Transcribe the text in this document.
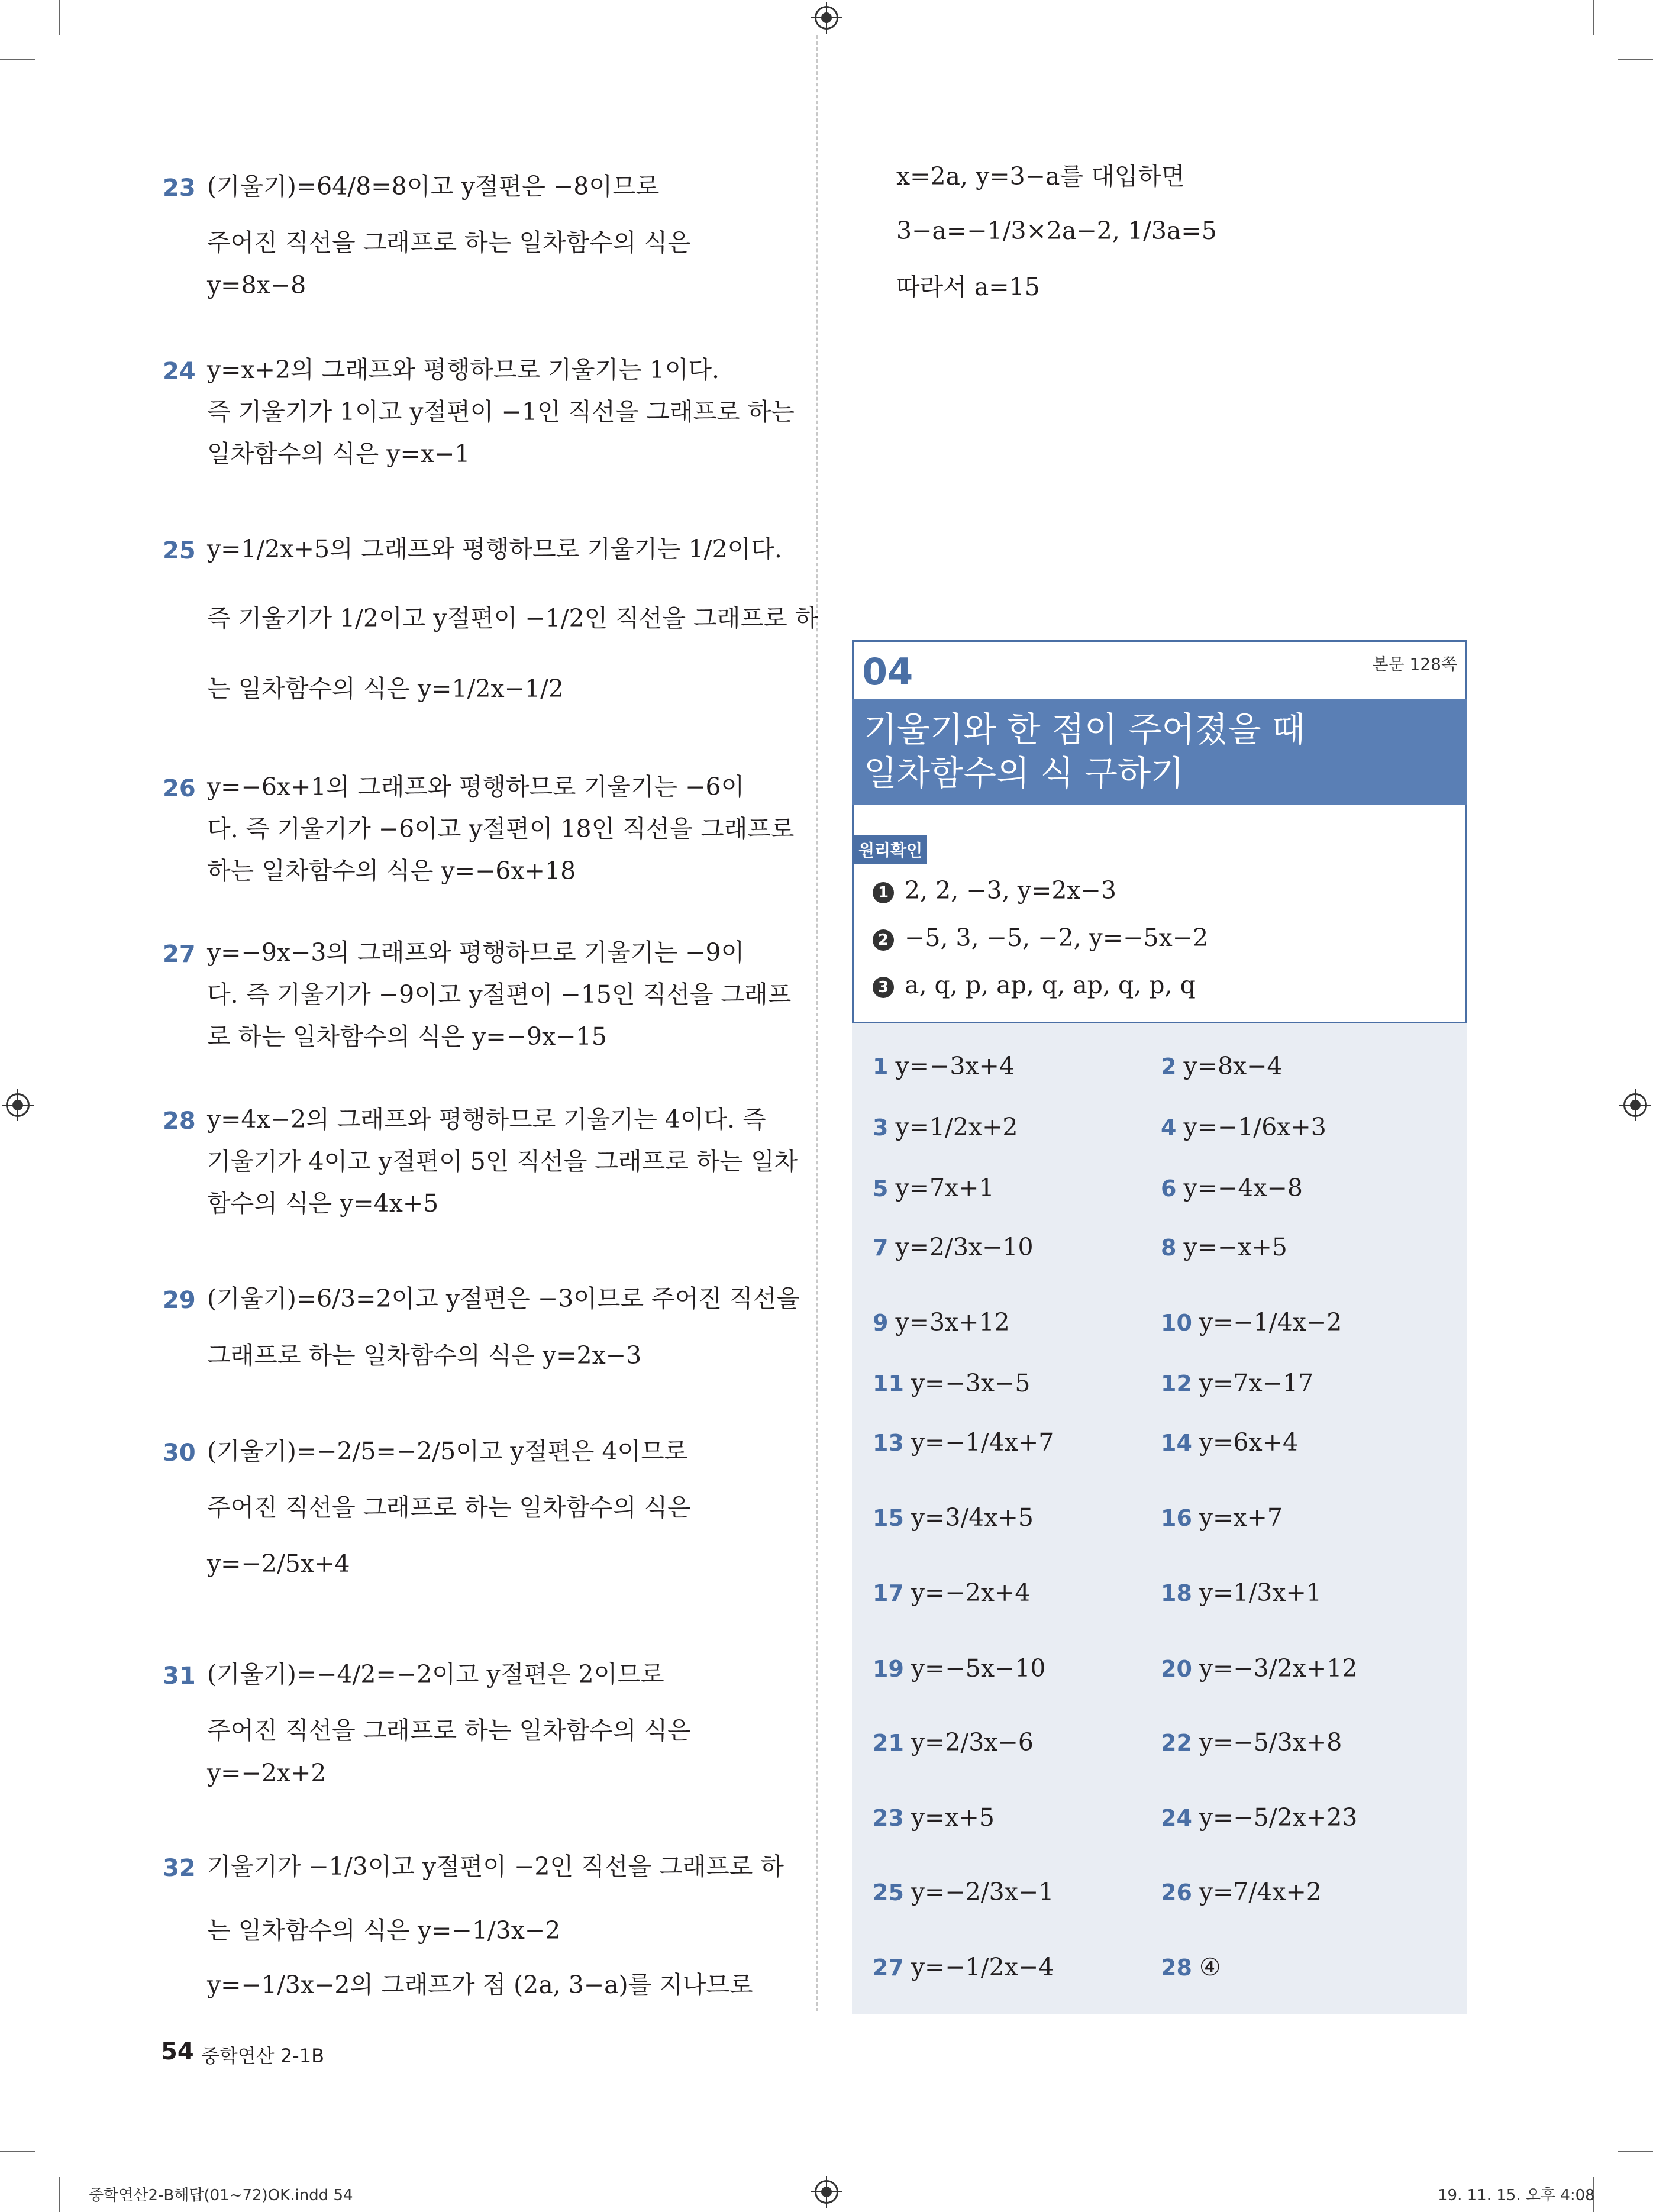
23 (기울기)=64/8=8이고 y절편은 −8이므로
주어진 직선을 그래프로 하는 일차함수의 식은
y=8x−8
24 y=x+2의 그래프와 평행하므로 기울기는 1이다.
즉 기울기가 1이고 y절편이 −1인 직선을 그래프로 하는
일차함수의 식은 y=x−1
25 y=1/2x+5의 그래프와 평행하므로 기울기는 1/2이다.
즉 기울기가 1/2이고 y절편이 −1/2인 직선을 그래프로 하
는 일차함수의 식은 y=1/2x−1/2
26 y=−6x+1의 그래프와 평행하므로 기울기는 −6이
다. 즉 기울기가 −6이고 y절편이 18인 직선을 그래프로
하는 일차함수의 식은 y=−6x+18
27 y=−9x−3의 그래프와 평행하므로 기울기는 −9이
다. 즉 기울기가 −9이고 y절편이 −15인 직선을 그래프
로 하는 일차함수의 식은 y=−9x−15
28 y=4x−2의 그래프와 평행하므로 기울기는 4이다. 즉
기울기가 4이고 y절편이 5인 직선을 그래프로 하는 일차
함수의 식은 y=4x+5
29 (기울기)=6/3=2이고 y절편은 −3이므로 주어진 직선을
그래프로 하는 일차함수의 식은 y=2x−3
30 (기울기)=−2/5=−2/5이고 y절편은 4이므로
주어진 직선을 그래프로 하는 일차함수의 식은
y=−2/5x+4
31 (기울기)=−4/2=−2이고 y절편은 2이므로
주어진 직선을 그래프로 하는 일차함수의 식은
y=−2x+2
32 기울기가 −1/3이고 y절편이 −2인 직선을 그래프로 하
는 일차함수의 식은 y=−1/3x−2
y=−1/3x−2의 그래프가 점 (2a, 3−a)를 지나므로
x=2a, y=3−a를 대입하면
3−a=−1/3×2a−2, 1/3a=5
따라서 a=15
04	본문 128쪽
기울기와 한 점이 주어졌을 때
일차함수의 식 구하기
원리확인
1 2, 2, −3, y=2x−3
2 −5, 3, −5, −2, y=−5x−2
3 a, q, p, ap, q, ap, q, p, q
1 y=−3x+4	2 y=8x−4
3 y=1/2x+2	4 y=−1/6x+3
5 y=7x+1	6 y=−4x−8
7 y=2/3x−10	8 y=−x+5
9 y=3x+12	10 y=−1/4x−2
11 y=−3x−5	12 y=7x−17
13 y=−1/4x+7	14 y=6x+4
15 y=3/4x+5	16 y=x+7
17 y=−2x+4	18 y=1/3x+1
19 y=−5x−10	20 y=−3/2x+12
21 y=2/3x−6	22 y=−5/3x+8
23 y=x+5	24 y=−5/2x+23
25 y=−2/3x−1	26 y=7/4x+2
27 y=−1/2x−4	28 ④
54 중학연산 2-1B
중학연산2-B해답(01~72)OK.indd 54	19. 11. 15. 오후 4:08
